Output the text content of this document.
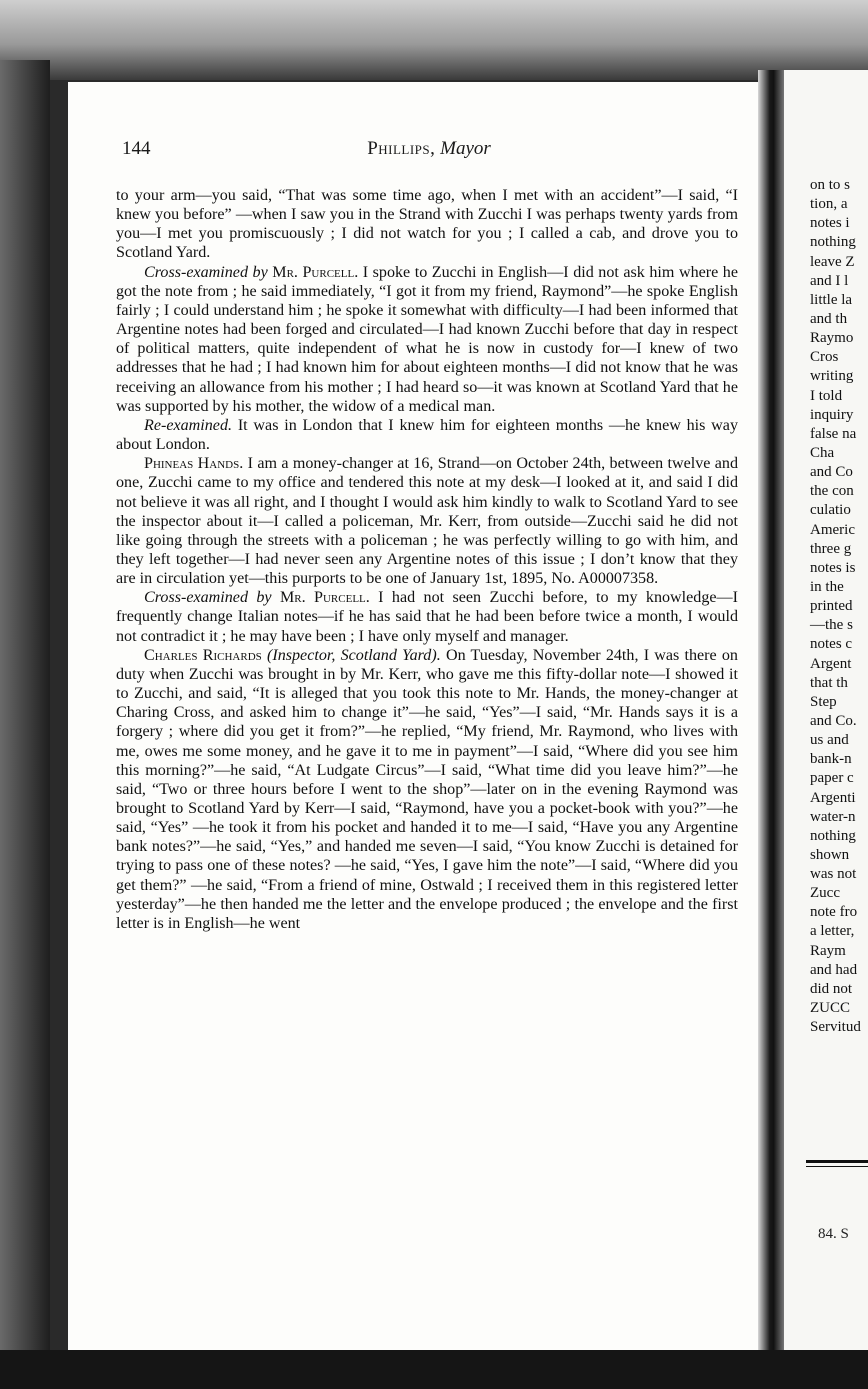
144	Phillips, Mayor

to your arm—you said, “That was some time ago, when I met with an accident”—I said, “I knew you before” —when I saw you in the Strand with Zucchi I was perhaps twenty yards from you—I met you promiscuously ; I did not watch for you ; I called a cab, and drove you to Scotland Yard.

Cross-examined by Mr. Purcell. I spoke to Zucchi in English—I did not ask him where he got the note from ; he said immediately, “I got it from my friend, Raymond”—he spoke English fairly ; I could understand him ; he spoke it somewhat with difficulty—I had been informed that Argentine notes had been forged and circulated—I had known Zucchi before that day in respect of political matters, quite independent of what he is now in custody for—I knew of two addresses that he had ; I had known him for about eighteen months—I did not know that he was receiving an allowance from his mother ; I had heard so—it was known at Scotland Yard that he was supported by his mother, the widow of a medical man.

Re-examined. It was in London that I knew him for eighteen months —he knew his way about London.

Phineas Hands. I am a money-changer at 16, Strand—on October 24th, between twelve and one, Zucchi came to my office and tendered this note at my desk—I looked at it, and said I did not believe it was all right, and I thought I would ask him kindly to walk to Scotland Yard to see the inspector about it—I called a policeman, Mr. Kerr, from outside—Zucchi said he did not like going through the streets with a policeman ; he was perfectly willing to go with him, and they left together—I had never seen any Argentine notes of this issue ; I don’t know that they are in circulation yet—this purports to be one of January 1st, 1895, No. A00007358.

Cross-examined by Mr. Purcell. I had not seen Zucchi before, to my knowledge—I frequently change Italian notes—if he has said that he had been before twice a month, I would not contradict it ; he may have been ; I have only myself and manager.

Charles Richards (Inspector, Scotland Yard). On Tuesday, November 24th, I was there on duty when Zucchi was brought in by Mr. Kerr, who gave me this fifty-dollar note—I showed it to Zucchi, and said, “It is alleged that you took this note to Mr. Hands, the money-changer at Charing Cross, and asked him to change it”—he said, “Yes”—I said, “Mr. Hands says it is a forgery ; where did you get it from?”—he replied, “My friend, Mr. Raymond, who lives with me, owes me some money, and he gave it to me in payment”—I said, “Where did you see him this morning?”—he said, “At Ludgate Circus”—I said, “What time did you leave him?”—he said, “Two or three hours before I went to the shop”—later on in the evening Raymond was brought to Scotland Yard by Kerr—I said, “Raymond, have you a pocket-book with you?”—he said, “Yes” —he took it from his pocket and handed it to me—I said, “Have you any Argentine bank notes?”—he said, “Yes,” and handed me seven—I said, “You know Zucchi is detained for trying to pass one of these notes? —he said, “Yes, I gave him the note”—I said, “Where did you get them?” —he said, “From a friend of mine, Ostwald ; I received them in this registered letter yesterday”—he then handed me the letter and the envelope produced ; the envelope and the first letter is in English—he went

on to s
tion, a
notes i
nothing
leave Z
and I l
little la
and th
Raymo
Cros
writing
I told
inquiry
false na
Cha
and Co
the con
culatio
Americ
three g
notes is
in the
printed
—the s
notes c
Argent
that th
Step
and Co.
us and
bank-n
paper c
Argenti
water-n
nothing
shown
was not
Zucc
note fro
a letter,
Raym
and had
did not
ZUCC
Servitud
84. S
